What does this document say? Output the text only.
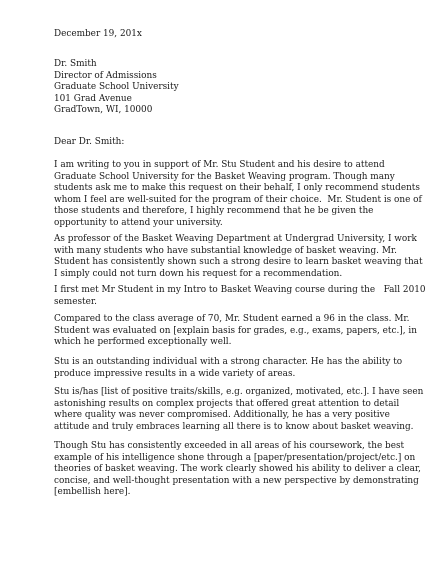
December 19, 201x
Dr. Smith
Director of Admissions
Graduate School University
101 Grad Avenue
GradTown, WI, 10000
Dear Dr. Smith:
I am writing to you in support of Mr. Stu Student and his desire to attend
Graduate School University for the Basket Weaving program. Though many
students ask me to make this request on their behalf, I only recommend students
whom I feel are well-suited for the program of their choice.  Mr. Student is one of
those students and therefore, I highly recommend that he be given the
opportunity to attend your university.
As professor of the Basket Weaving Department at Undergrad University, I work
with many students who have substantial knowledge of basket weaving. Mr.
Student has consistently shown such a strong desire to learn basket weaving that
I simply could not turn down his request for a recommendation.
I first met Mr Student in my Intro to Basket Weaving course during the   Fall 2010
semester.
Compared to the class average of 70, Mr. Student earned a 96 in the class. Mr.
Student was evaluated on [explain basis for grades, e.g., exams, papers, etc.], in
which he performed exceptionally well.
Stu is an outstanding individual with a strong character. He has the ability to
produce impressive results in a wide variety of areas.
Stu is/has [list of positive traits/skills, e.g. organized, motivated, etc.]. I have seen
astonishing results on complex projects that offered great attention to detail
where quality was never compromised. Additionally, he has a very positive
attitude and truly embraces learning all there is to know about basket weaving.
Though Stu has consistently exceeded in all areas of his coursework, the best
example of his intelligence shone through a [paper/presentation/project/etc.] on
theories of basket weaving. The work clearly showed his ability to deliver a clear,
concise, and well-thought presentation with a new perspective by demonstrating
[embellish here].
